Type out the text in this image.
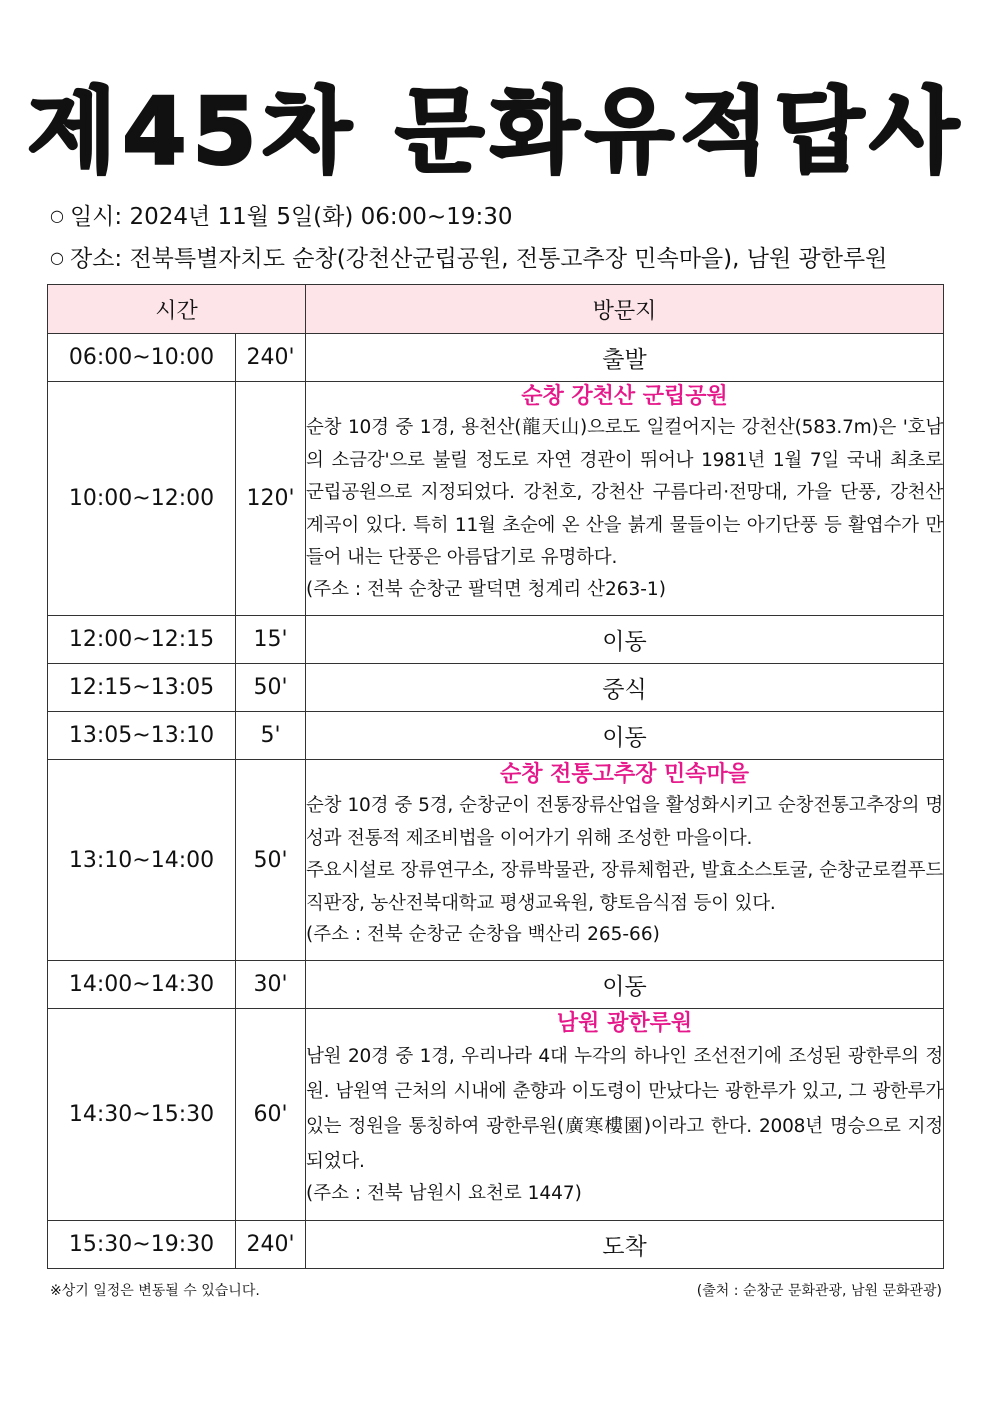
제45차 문화유적답사
○ 일시: 2024년 11월 5일(화) 06:00~19:30
○ 장소: 전북특별자치도 순창(강천산군립공원, 전통고추장 민속마을), 남원 광한루원
시간		방문지
06:00~10:00	240'	출발
10:00~12:00	120'	순창 강천산 군립공원
순창 10경 중 1경, 용천산(龍天山)으로도 일컬어지는 강천산(583.7m)은 '호남의 소금강'으로 불릴 정도로 자연 경관이 뛰어나 1981년 1월 7일 국내 최초로 군립공원으로 지정되었다. 강천호, 강천산 구름다리·전망대, 가을 단풍, 강천산 계곡이 있다. 특히 11월 초순에 온 산을 붉게 물들이는 아기단풍 등 활엽수가 만들어 내는 단풍은 아름답기로 유명하다.
(주소 : 전북 순창군 팔덕면 청계리 산263-1)

12:00~12:15	15'	이동
12:15~13:05	50'	중식
13:05~13:10	5'	이동
13:10~14:00	50'	순창 전통고추장 민속마을
순창 10경 중 5경, 순창군이 전통장류산업을 활성화시키고 순창전통고추장의 명성과 전통적 제조비법을 이어가기 위해 조성한 마을이다.
주요시설로 장류연구소, 장류박물관, 장류체험관, 발효소스토굴, 순창군로컬푸드직판장, 농산전북대학교 평생교육원, 향토음식점 등이 있다.
(주소 : 전북 순창군 순창읍 백산리 265-66)

14:00~14:30	30'	이동
14:30~15:30	60'	남원 광한루원
남원 20경 중 1경, 우리나라 4대 누각의 하나인 조선전기에 조성된 광한루의 정원. 남원역 근처의 시내에 춘향과 이도령이 만났다는 광한루가 있고, 그 광한루가 있는 정원을 통칭하여 광한루원(廣寒樓園)이라고 한다. 2008년 명승으로 지정되었다.
(주소 : 전북 남원시 요천로 1447)

15:30~19:30	240'	도착
※상기 일정은 변동될 수 있습니다.	(출처 : 순창군 문화관광, 남원 문화관광)
